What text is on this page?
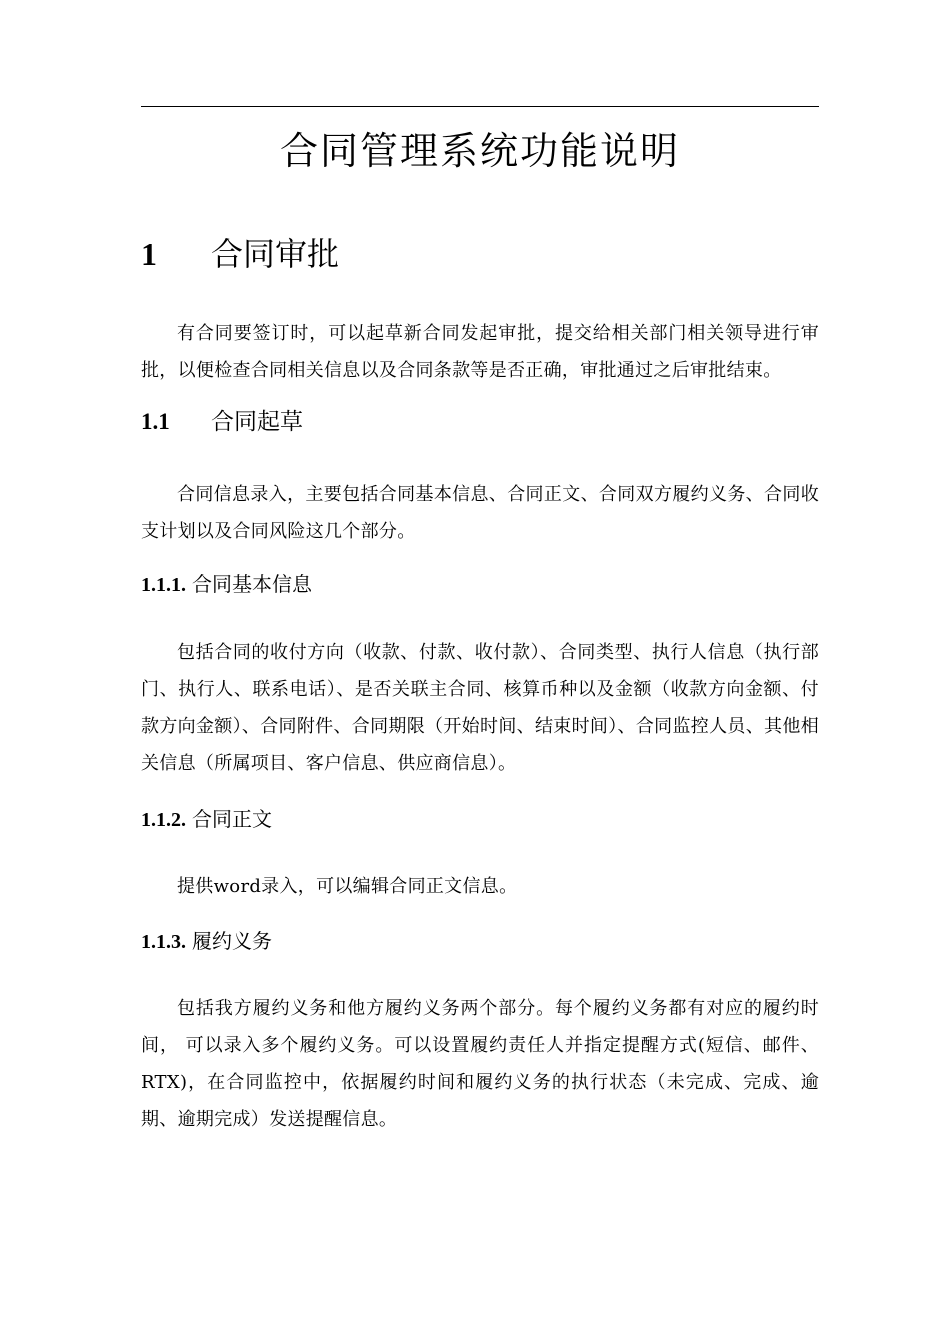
合同管理系统功能说明
1 合同审批

有合同要签订时，可以起草新合同发起审批，提交给相关部门相关领导进行审批，以便检查合同相关信息以及合同条款等是否正确，审批通过之后审批结束。

1.1 合同起草

合同信息录入，主要包括合同基本信息、合同正文、合同双方履约义务、合同收支计划以及合同风险这几个部分。

1.1.1. 合同基本信息

包括合同的收付方向（收款、付款、收付款）、合同类型、执行人信息（执行部门、执行人、联系电话）、是否关联主合同、核算币种以及金额（收款方向金额、付款方向金额）、合同附件、合同期限（开始时间、结束时间）、合同监控人员、其他相关信息（所属项目、客户信息、供应商信息）。

1.1.2. 合同正文

提供word录入，可以编辑合同正文信息。

1.1.3. 履约义务

包括我方履约义务和他方履约义务两个部分。每个履约义务都有对应的履约时间， 可以录入多个履约义务。可以设置履约责任人并指定提醒方式(短信、邮件、RTX)，在合同监控中，依据履约时间和履约义务的执行状态（未完成、完成、逾期、逾期完成）发送提醒信息。
